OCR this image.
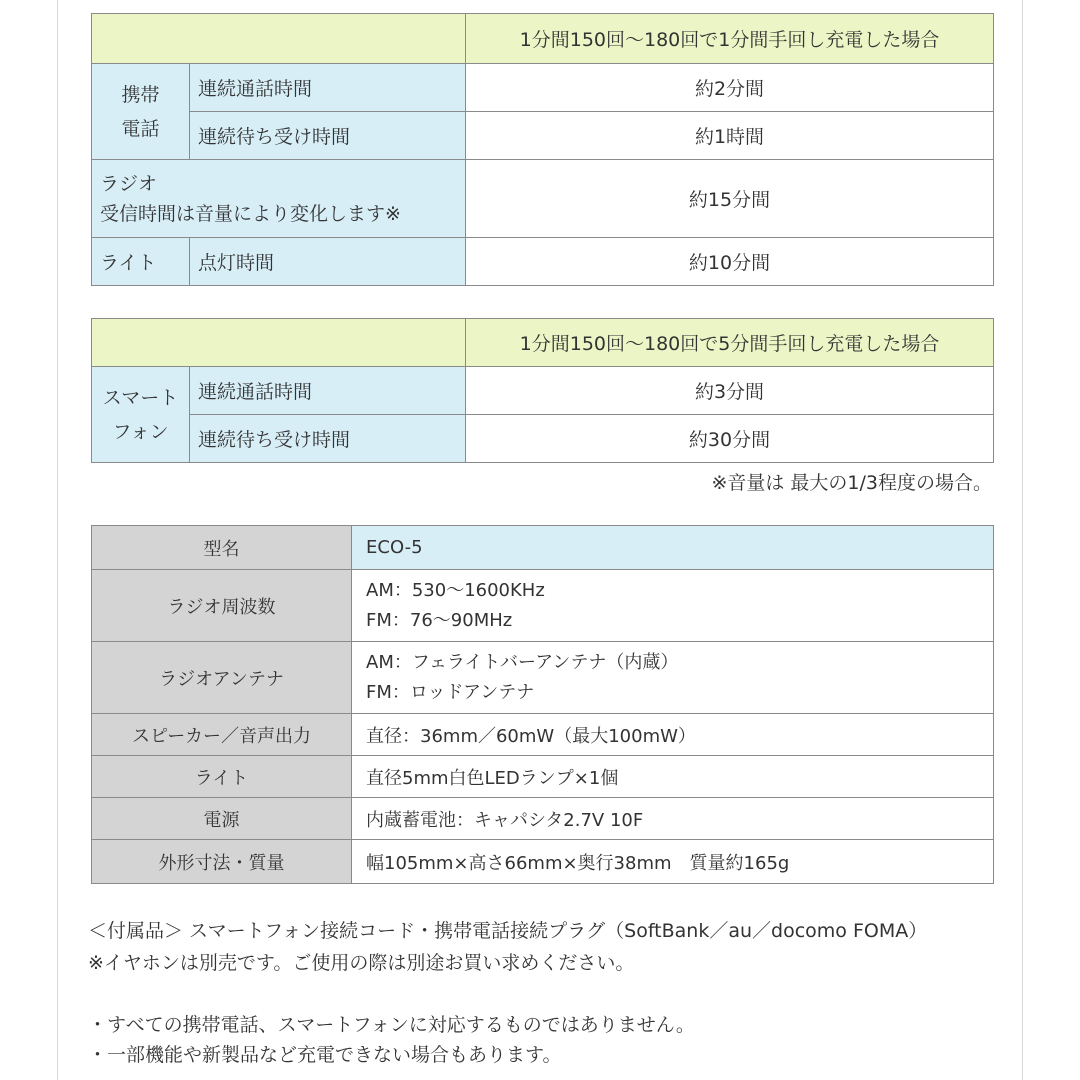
		1分間150回〜180回で1分間手回し充電した場合

携帯
電話	連続通話時間	約2分間
	連続待ち受け時間	約1時間

ラジオ
受信時間は音量により変化します※		約15分間
ライト	点灯時間	約10分間
		1分間150回〜180回で5分間手回し充電した場合

スマート
フォン	連続通話時間	約3分間
	連続待ち受け時間	約30分間
※音量は 最大の1/3程度の場合。
型名	ECO-5
ラジオ周波数	AM：530〜1600KHz
FM：76〜90MHz

ラジオアンテナ	AM：フェライトバーアンテナ（内蔵）
FM：ロッドアンテナ

スピーカー／音声出力	直径：36mm／60mW（最大100mW）
ライト	直径5mm白色LEDランプ×1個
電源	内蔵蓄電池：キャパシタ2.7V 10F
外形寸法・質量	幅105mm×高さ66mm×奥行38mm　質量約165g
＜付属品＞ スマートフォン接続コード・携帯電話接続プラグ（SoftBank／au／docomo FOMA）
※イヤホンは別売です。ご使用の際は別途お買い求めください。
・すべての携帯電話、スマートフォンに対応するものではありません。
・一部機能や新製品など充電できない場合もあります。
